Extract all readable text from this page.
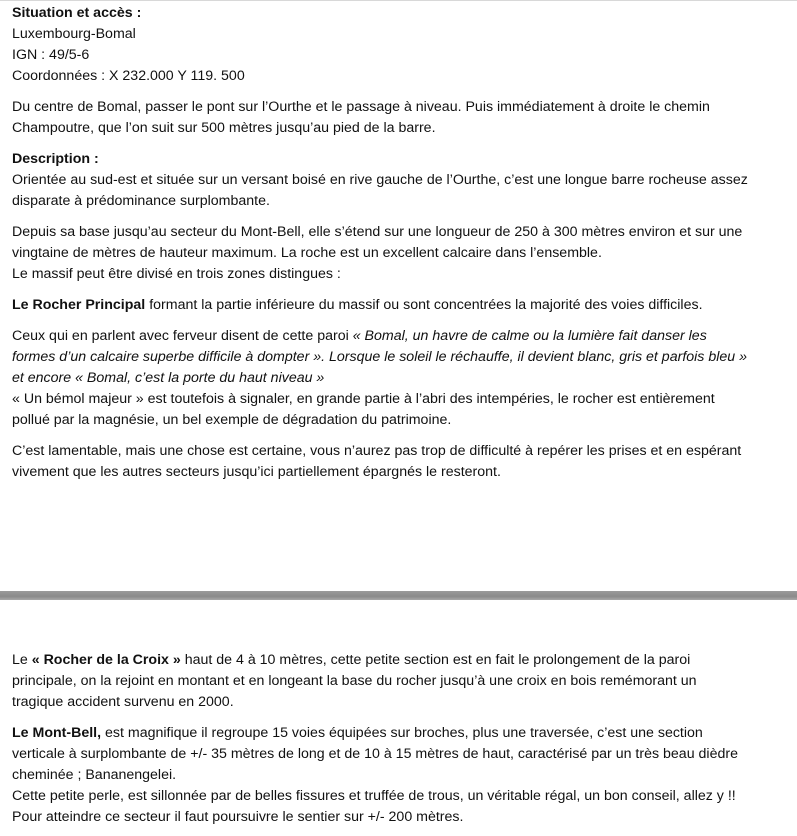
Situation et accès :
Luxembourg-Bomal
IGN : 49/5-6
Coordonnées : X 232.000 Y 119. 500
Du centre de Bomal, passer le pont sur l’Ourthe et le passage à niveau. Puis immédiatement à droite le chemin
Champoutre, que l’on suit sur 500 mètres jusqu’au pied de la barre.
Description :
Orientée au sud-est et située sur un versant boisé en rive gauche de l’Ourthe, c’est une longue barre rocheuse assez
disparate à prédominance surplombante.
Depuis sa base jusqu’au secteur du Mont-Bell, elle s’étend sur une longueur de 250 à 300 mètres environ et sur une
vingtaine de mètres de hauteur maximum. La roche est un excellent calcaire dans l’ensemble.
Le massif peut être divisé en trois zones distingues :
Le Rocher Principal formant la partie inférieure du massif ou sont concentrées la majorité des voies difficiles.
Ceux qui en parlent avec ferveur disent de cette paroi « Bomal, un havre de calme ou la lumière fait danser les
formes d’un calcaire superbe difficile à dompter ». Lorsque le soleil le réchauffe, il devient blanc, gris et parfois bleu »
et encore « Bomal, c’est la porte du haut niveau »
« Un bémol majeur » est toutefois à signaler, en grande partie à l’abri des intempéries, le rocher est entièrement
pollué par la magnésie, un bel exemple de dégradation du patrimoine.
C’est lamentable, mais une chose est certaine, vous n’aurez pas trop de difficulté à repérer les prises et en espérant
vivement que les autres secteurs jusqu’ici partiellement épargnés le resteront.
Le « Rocher de la Croix » haut de 4 à 10 mètres, cette petite section est en fait le prolongement de la paroi
principale, on la rejoint en montant et en longeant la base du rocher jusqu’à une croix en bois remémorant un
tragique accident survenu en 2000.
Le Mont-Bell, est magnifique il regroupe 15 voies équipées sur broches, plus une traversée, c’est une section
verticale à surplombante de +/- 35 mètres de long et de 10 à 15 mètres de haut, caractérisé par un très beau dièdre
cheminée ; Bananengelei.
Cette petite perle, est sillonnée par de belles fissures et truffée de trous, un véritable régal, un bon conseil, allez y !!
Pour atteindre ce secteur il faut poursuivre le sentier sur +/- 200 mètres.
